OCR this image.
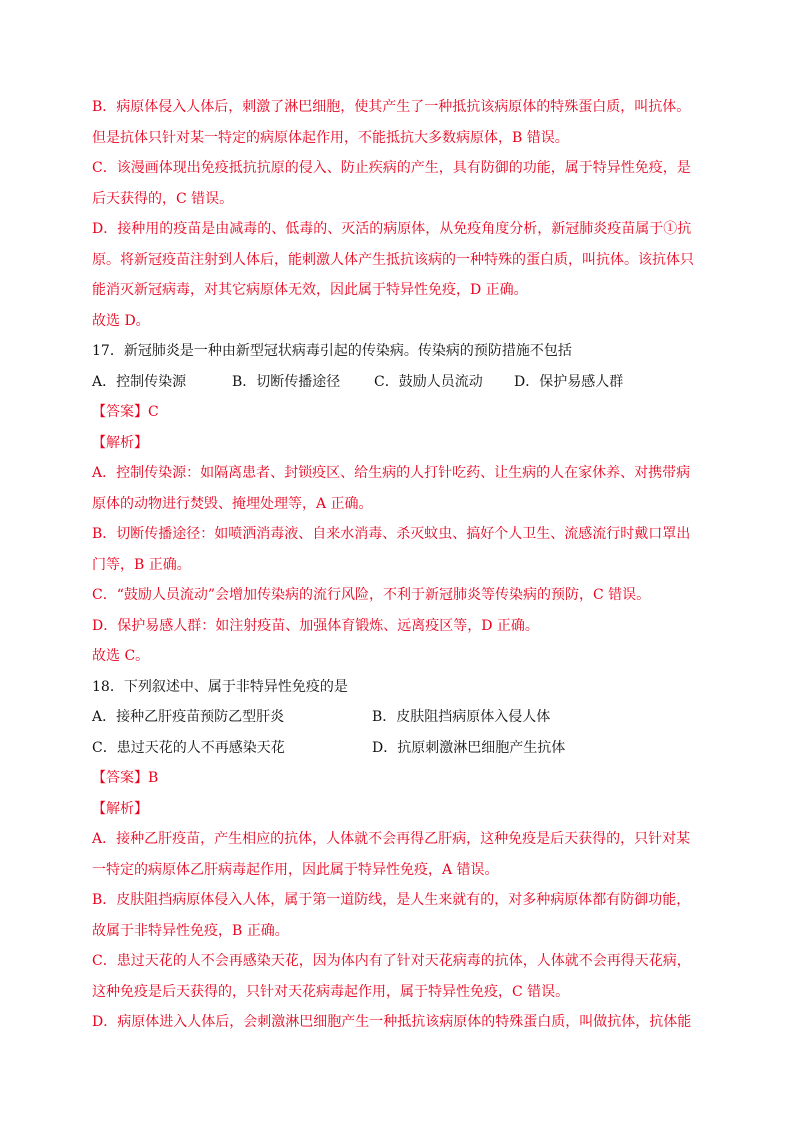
B．病原体侵入人体后，刺激了淋巴细胞，使其产生了一种抵抗该病原体的特殊蛋白质，叫抗体。
但是抗体只针对某一特定的病原体起作用，不能抵抗大多数病原体，B 错误。
C．该漫画体现出免疫抵抗抗原的侵入、防止疾病的产生，具有防御的功能，属于特异性免疫，是
后天获得的，C 错误。
D．接种用的疫苗是由减毒的、低毒的、灭活的病原体，从免疫角度分析，新冠肺炎疫苗属于①抗
原。将新冠疫苗注射到人体后，能刺激人体产生抵抗该病的一种特殊的蛋白质，叫抗体。该抗体只
能消灭新冠病毒，对其它病原体无效，因此属于特异性免疫，D 正确。
故选 D。
17．新冠肺炎是一种由新型冠状病毒引起的传染病。传染病的预防措施不包括
A．控制传染源	B．切断传播途径	C．鼓励人员流动	D．保护易感人群
【答案】C
【解析】
A．控制传染源：如隔离患者、封锁疫区、给生病的人打针吃药、让生病的人在家休养、对携带病
原体的动物进行焚毁、掩埋处理等，A 正确。
B．切断传播途径：如喷洒消毒液、自来水消毒、杀灭蚊虫、搞好个人卫生、流感流行时戴口罩出
门等，B 正确。
C．“鼓励人员流动”会增加传染病的流行风险，不利于新冠肺炎等传染病的预防，C 错误。
D．保护易感人群：如注射疫苗、加强体育锻炼、远离疫区等，D 正确。
故选 C。
18．下列叙述中、属于非特异性免疫的是
A．接种乙肝疫苗预防乙型肝炎	B．皮肤阻挡病原体入侵人体
C．患过天花的人不再感染天花	D．抗原刺激淋巴细胞产生抗体
【答案】B
【解析】
A．接种乙肝疫苗，产生相应的抗体，人体就不会再得乙肝病，这种免疫是后天获得的，只针对某
一特定的病原体乙肝病毒起作用，因此属于特异性免疫，A 错误。
B．皮肤阻挡病原体侵入人体，属于第一道防线，是人生来就有的，对多种病原体都有防御功能，
故属于非特异性免疫，B 正确。
C．患过天花的人不会再感染天花，因为体内有了针对天花病毒的抗体，人体就不会再得天花病，
这种免疫是后天获得的，只针对天花病毒起作用，属于特异性免疫，C 错误。
D．病原体进入人体后，会刺激淋巴细胞产生一种抵抗该病原体的特殊蛋白质，叫做抗体，抗体能
